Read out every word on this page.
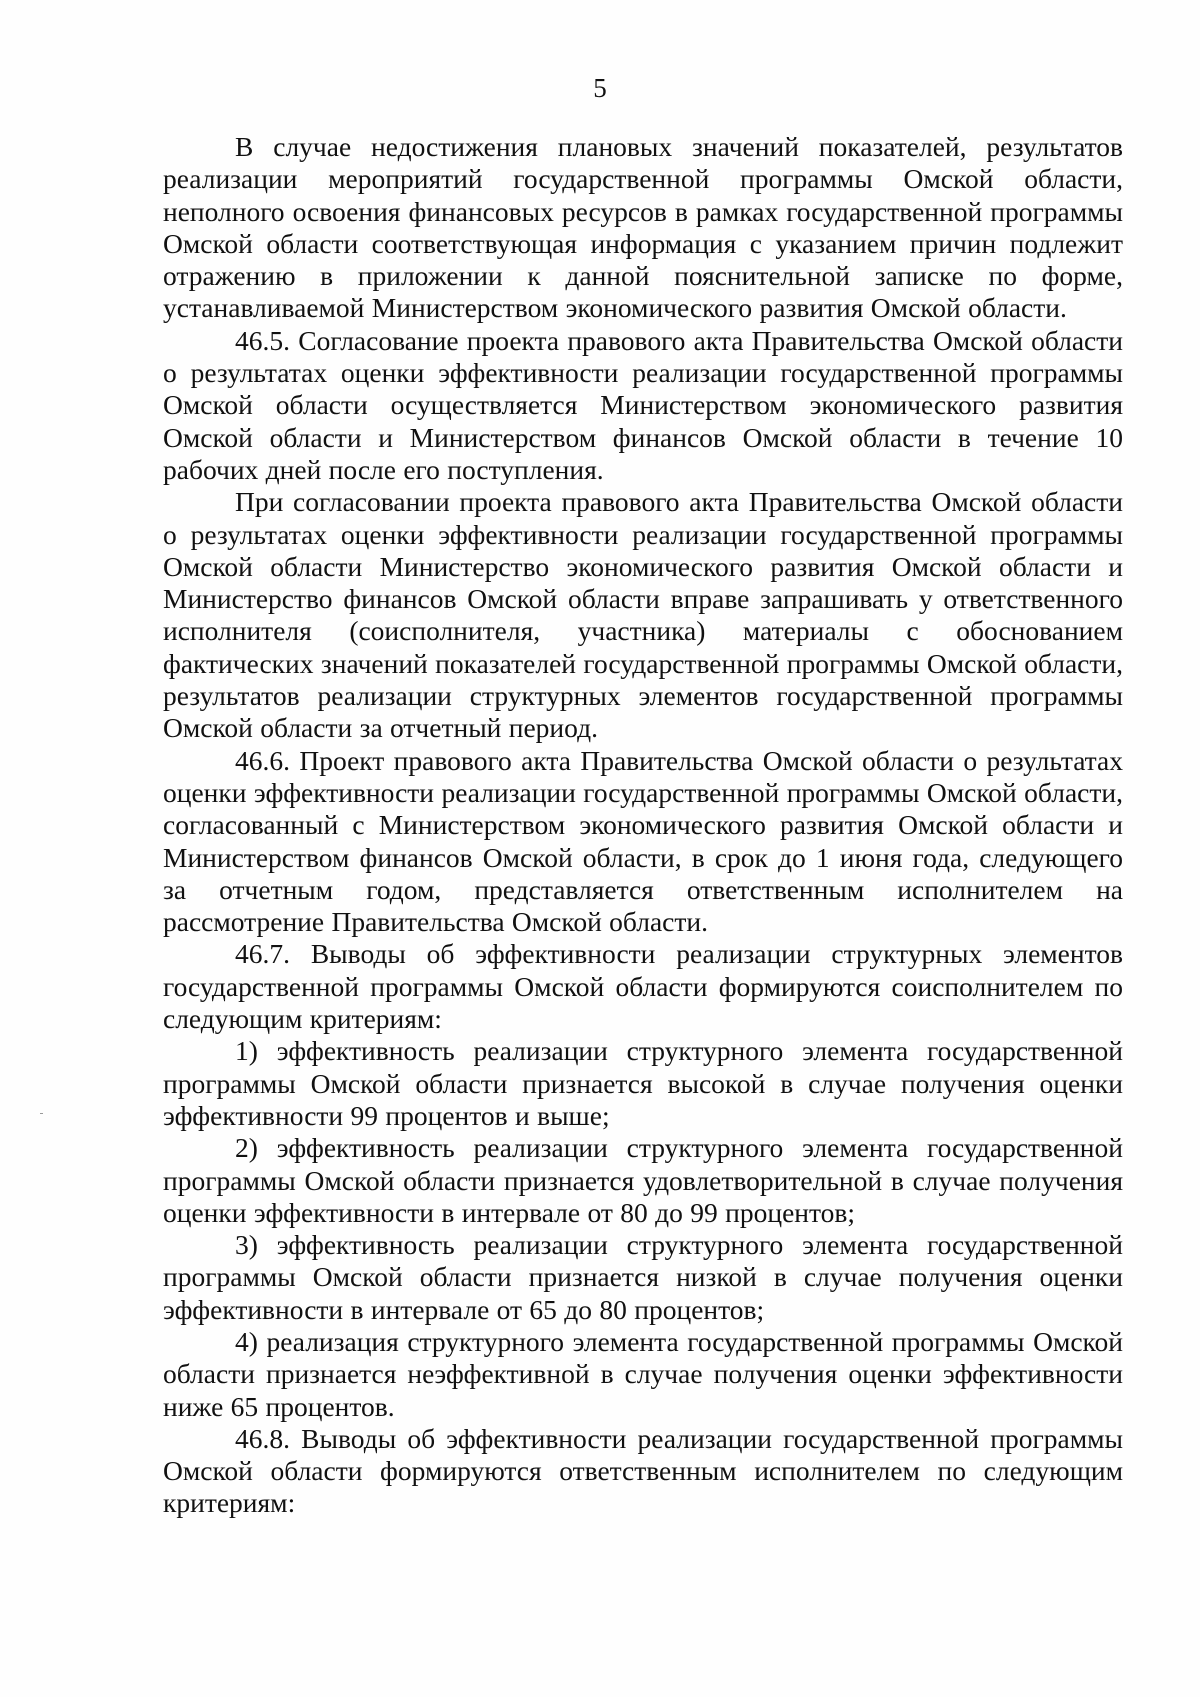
5

В случае недостижения плановых значений показателей, результатов реализации мероприятий государственной программы Омской области, неполного освоения финансовых ресурсов в рамках государственной программы Омской области соответствующая информация с указанием причин подлежит отражению в приложении к данной пояснительной записке по форме, устанавливаемой Министерством экономического развития Омской области.

46.5. Согласование проекта правового акта Правительства Омской области о результатах оценки эффективности реализации государственной программы Омской области осуществляется Министерством экономического развития Омской области и Министерством финансов Омской области в течение 10 рабочих дней после его поступления.

При согласовании проекта правового акта Правительства Омской области о результатах оценки эффективности реализации государственной программы Омской области Министерство экономического развития Омской области и Министерство финансов Омской области вправе запрашивать у ответственного исполнителя (соисполнителя, участника) материалы с обоснованием фактических значений показателей государственной программы Омской области, результатов реализации структурных элементов государственной программы Омской области за отчетный период.

46.6. Проект правового акта Правительства Омской области о результатах оценки эффективности реализации государственной программы Омской области, согласованный с Министерством экономического развития Омской области и Министерством финансов Омской области, в срок до 1 июня года, следующего за отчетным годом, представляется ответственным исполнителем на рассмотрение Правительства Омской области.

46.7. Выводы об эффективности реализации структурных элементов государственной программы Омской области формируются соисполнителем по следующим критериям:

1) эффективность реализации структурного элемента государственной программы Омской области признается высокой в случае получения оценки эффективности 99 процентов и выше;

2) эффективность реализации структурного элемента государственной программы Омской области признается удовлетворительной в случае получения оценки эффективности в интервале от 80 до 99 процентов;

3) эффективность реализации структурного элемента государственной программы Омской области признается низкой в случае получения оценки эффективности в интервале от 65 до 80 процентов;

4) реализация структурного элемента государственной программы Омской области признается неэффективной в случае получения оценки эффективности ниже 65 процентов.

46.8. Выводы об эффективности реализации государственной программы Омской области формируются ответственным исполнителем по следующим критериям:
